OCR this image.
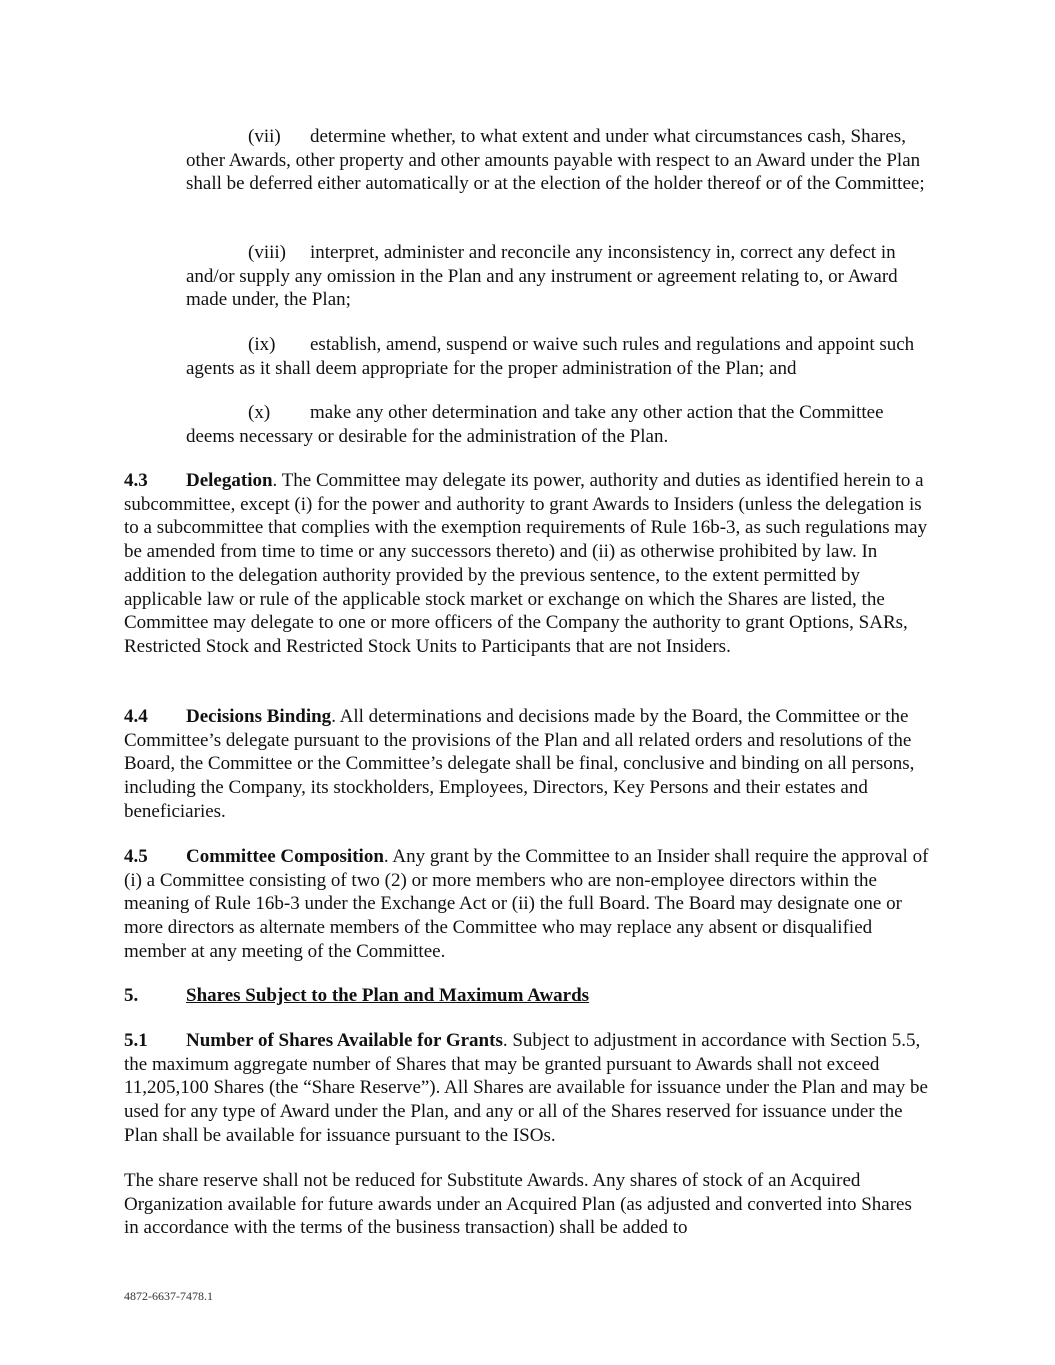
(vii) determine whether, to what extent and under what circumstances cash, Shares, other Awards, other property and other amounts payable with respect to an Award under the Plan shall be deferred either automatically or at the election of the holder thereof or of the Committee;
(viii) interpret, administer and reconcile any inconsistency in, correct any defect in and/or supply any omission in the Plan and any instrument or agreement relating to, or Award made under, the Plan;
(ix) establish, amend, suspend or waive such rules and regulations and appoint such agents as it shall deem appropriate for the proper administration of the Plan; and
(x) make any other determination and take any other action that the Committee deems necessary or desirable for the administration of the Plan.
4.3 Delegation. The Committee may delegate its power, authority and duties as identified herein to a subcommittee, except (i) for the power and authority to grant Awards to Insiders (unless the delegation is to a subcommittee that complies with the exemption requirements of Rule 16b-3, as such regulations may be amended from time to time or any successors thereto) and (ii) as otherwise prohibited by law. In addition to the delegation authority provided by the previous sentence, to the extent permitted by applicable law or rule of the applicable stock market or exchange on which the Shares are listed, the Committee may delegate to one or more officers of the Company the authority to grant Options, SARs, Restricted Stock and Restricted Stock Units to Participants that are not Insiders.
4.4 Decisions Binding. All determinations and decisions made by the Board, the Committee or the Committee’s delegate pursuant to the provisions of the Plan and all related orders and resolutions of the Board, the Committee or the Committee’s delegate shall be final, conclusive and binding on all persons, including the Company, its stockholders, Employees, Directors, Key Persons and their estates and beneficiaries.
4.5 Committee Composition. Any grant by the Committee to an Insider shall require the approval of (i) a Committee consisting of two (2) or more members who are non-employee directors within the meaning of Rule 16b-3 under the Exchange Act or (ii) the full Board. The Board may designate one or more directors as alternate members of the Committee who may replace any absent or disqualified member at any meeting of the Committee.
5.	Shares Subject to the Plan and Maximum Awards
5.1 Number of Shares Available for Grants. Subject to adjustment in accordance with Section 5.5, the maximum aggregate number of Shares that may be granted pursuant to Awards shall not exceed 11,205,100 Shares (the “Share Reserve”). All Shares are available for issuance under the Plan and may be used for any type of Award under the Plan, and any or all of the Shares reserved for issuance under the Plan shall be available for issuance pursuant to the ISOs.
The share reserve shall not be reduced for Substitute Awards. Any shares of stock of an Acquired Organization available for future awards under an Acquired Plan (as adjusted and converted into Shares in accordance with the terms of the business transaction) shall be added to
4872-6637-7478.1
